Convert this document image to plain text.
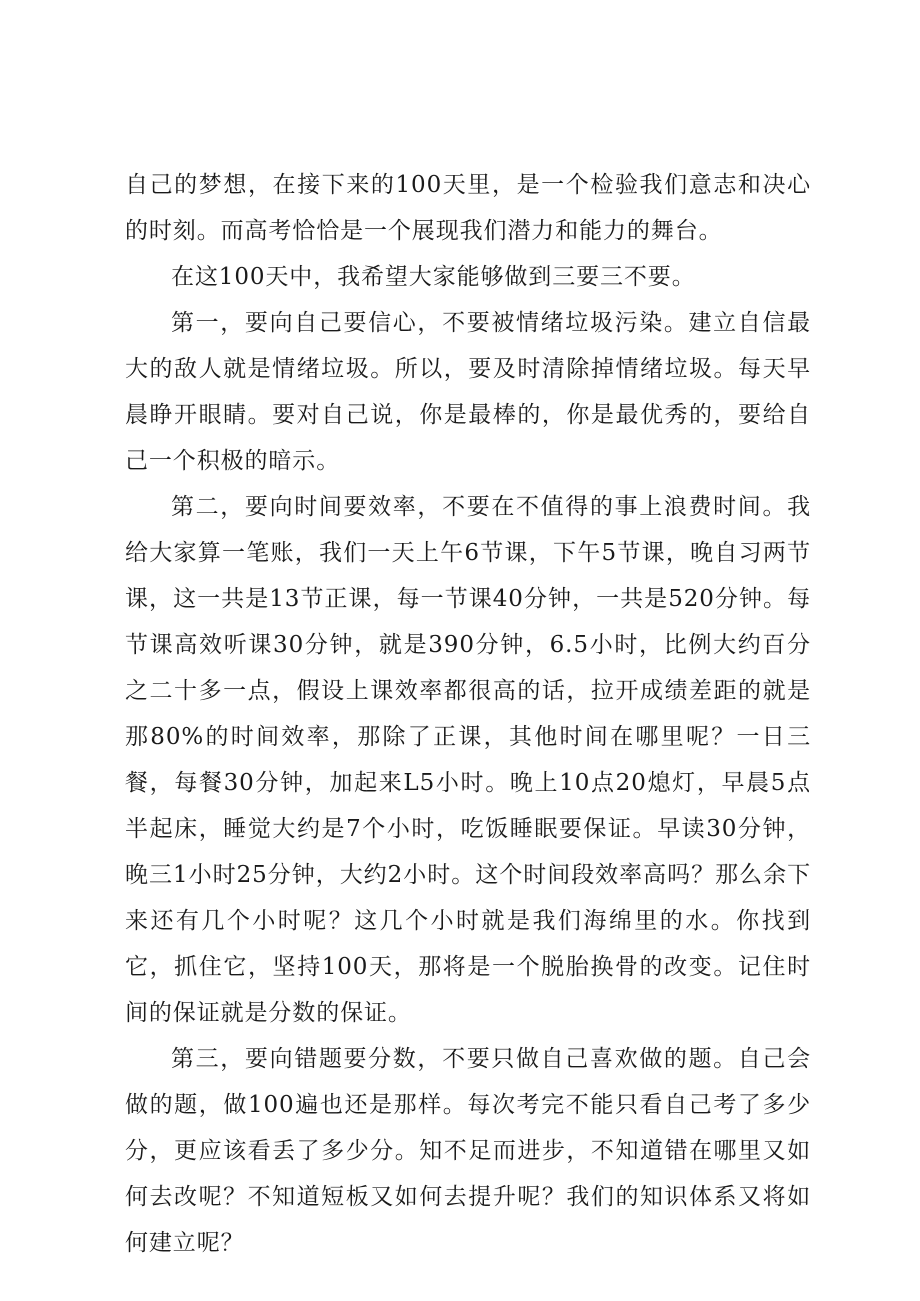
自己的梦想，在接下来的100天里，是一个检验我们意志和决心的时刻。而高考恰恰是一个展现我们潜力和能力的舞台。

在这100天中，我希望大家能够做到三要三不要。

第一，要向自己要信心，不要被情绪垃圾污染。建立自信最大的敌人就是情绪垃圾。所以，要及时清除掉情绪垃圾。每天早晨睁开眼睛。要对自己说，你是最棒的，你是最优秀的，要给自己一个积极的暗示。

第二，要向时间要效率，不要在不值得的事上浪费时间。我给大家算一笔账，我们一天上午6节课，下午5节课，晚自习两节课，这一共是13节正课，每一节课40分钟，一共是520分钟。每节课高效听课30分钟，就是390分钟，6.5小时，比例大约百分之二十多一点，假设上课效率都很高的话，拉开成绩差距的就是那80%的时间效率，那除了正课，其他时间在哪里呢？一日三餐，每餐30分钟，加起来L5小时。晚上10点20熄灯，早晨5点半起床，睡觉大约是7个小时，吃饭睡眠要保证。早读30分钟，晚三1小时25分钟，大约2小时。这个时间段效率高吗？那么余下来还有几个小时呢？这几个小时就是我们海绵里的水。你找到它，抓住它，坚持100天，那将是一个脱胎换骨的改变。记住时间的保证就是分数的保证。

第三，要向错题要分数，不要只做自己喜欢做的题。自己会做的题，做100遍也还是那样。每次考完不能只看自己考了多少分，更应该看丢了多少分。知不足而进步，不知道错在哪里又如何去改呢？不知道短板又如何去提升呢？我们的知识体系又将如何建立呢？
